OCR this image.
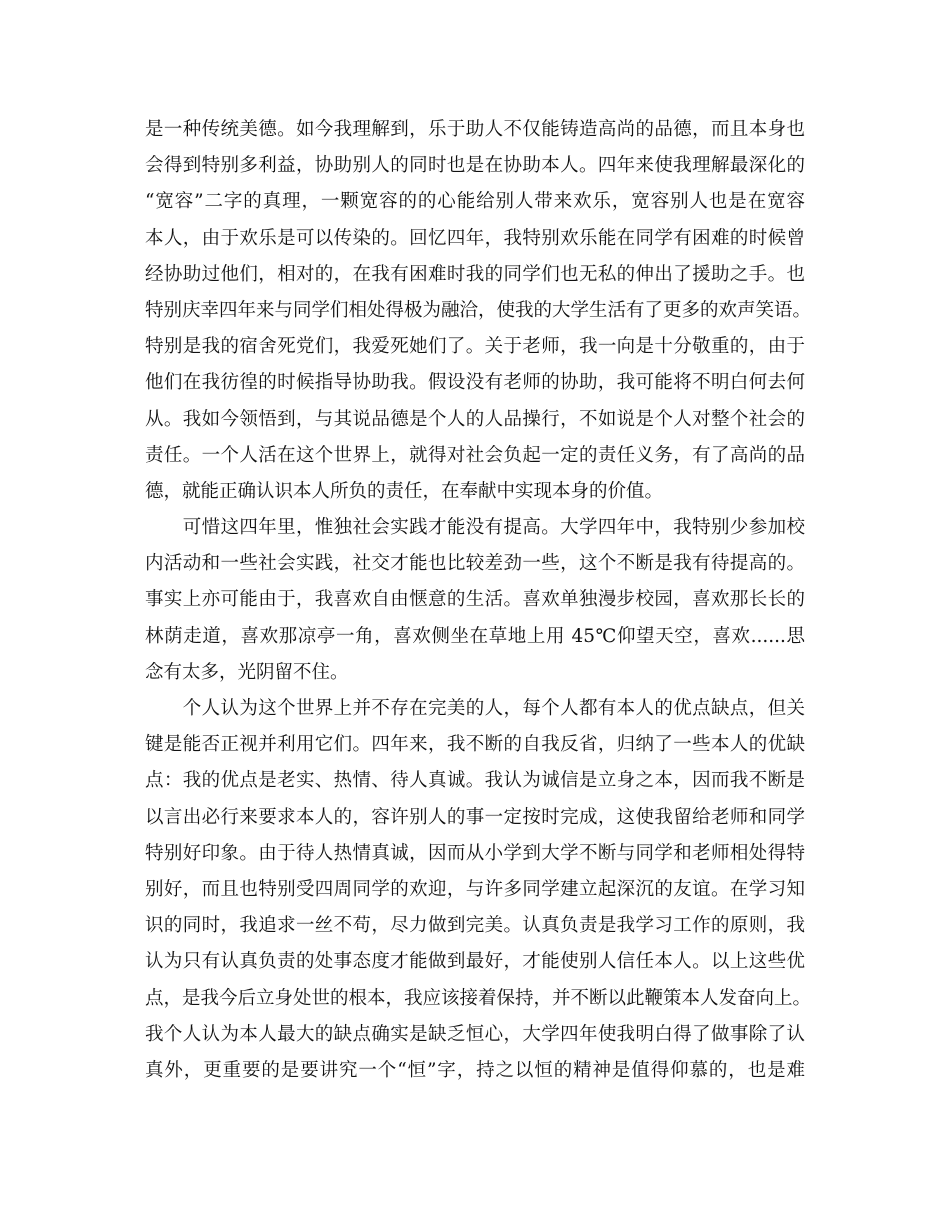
是一种传统美德。如今我理解到，乐于助人不仅能铸造高尚的品德，而且本身也
会得到特别多利益，协助别人的同时也是在协助本人。四年来使我理解最深化的
“宽容”二字的真理，一颗宽容的的心能给别人带来欢乐，宽容别人也是在宽容
本人，由于欢乐是可以传染的。回忆四年，我特别欢乐能在同学有困难的时候曾
经协助过他们，相对的，在我有困难时我的同学们也无私的伸出了援助之手。也
特别庆幸四年来与同学们相处得极为融洽，使我的大学生活有了更多的欢声笑语。
特别是我的宿舍死党们，我爱死她们了。关于老师，我一向是十分敬重的，由于
他们在我彷徨的时候指导协助我。假设没有老师的协助，我可能将不明白何去何
从。我如今领悟到，与其说品德是个人的人品操行，不如说是个人对整个社会的
责任。一个人活在这个世界上，就得对社会负起一定的责任义务，有了高尚的品
德，就能正确认识本人所负的责任，在奉献中实现本身的价值。
　　可惜这四年里，惟独社会实践才能没有提高。大学四年中，我特别少参加校
内活动和一些社会实践，社交才能也比较差劲一些，这个不断是我有待提高的。
事实上亦可能由于，我喜欢自由惬意的生活。喜欢单独漫步校园，喜欢那长长的
林荫走道，喜欢那凉亭一角，喜欢侧坐在草地上用 45℃仰望天空，喜欢......思
念有太多，光阴留不住。
　　个人认为这个世界上并不存在完美的人，每个人都有本人的优点缺点，但关
键是能否正视并利用它们。四年来，我不断的自我反省，归纳了一些本人的优缺
点：我的优点是老实、热情、待人真诚。我认为诚信是立身之本，因而我不断是
以言出必行来要求本人的，容许别人的事一定按时完成，这使我留给老师和同学
特别好印象。由于待人热情真诚，因而从小学到大学不断与同学和老师相处得特
别好，而且也特别受四周同学的欢迎，与许多同学建立起深沉的友谊。在学习知
识的同时，我追求一丝不苟，尽力做到完美。认真负责是我学习工作的原则，我
认为只有认真负责的处事态度才能做到最好，才能使别人信任本人。以上这些优
点，是我今后立身处世的根本，我应该接着保持，并不断以此鞭策本人发奋向上。
我个人认为本人最大的缺点确实是缺乏恒心，大学四年使我明白得了做事除了认
真外，更重要的是要讲究一个“恒”字，持之以恒的精神是值得仰慕的，也是难
